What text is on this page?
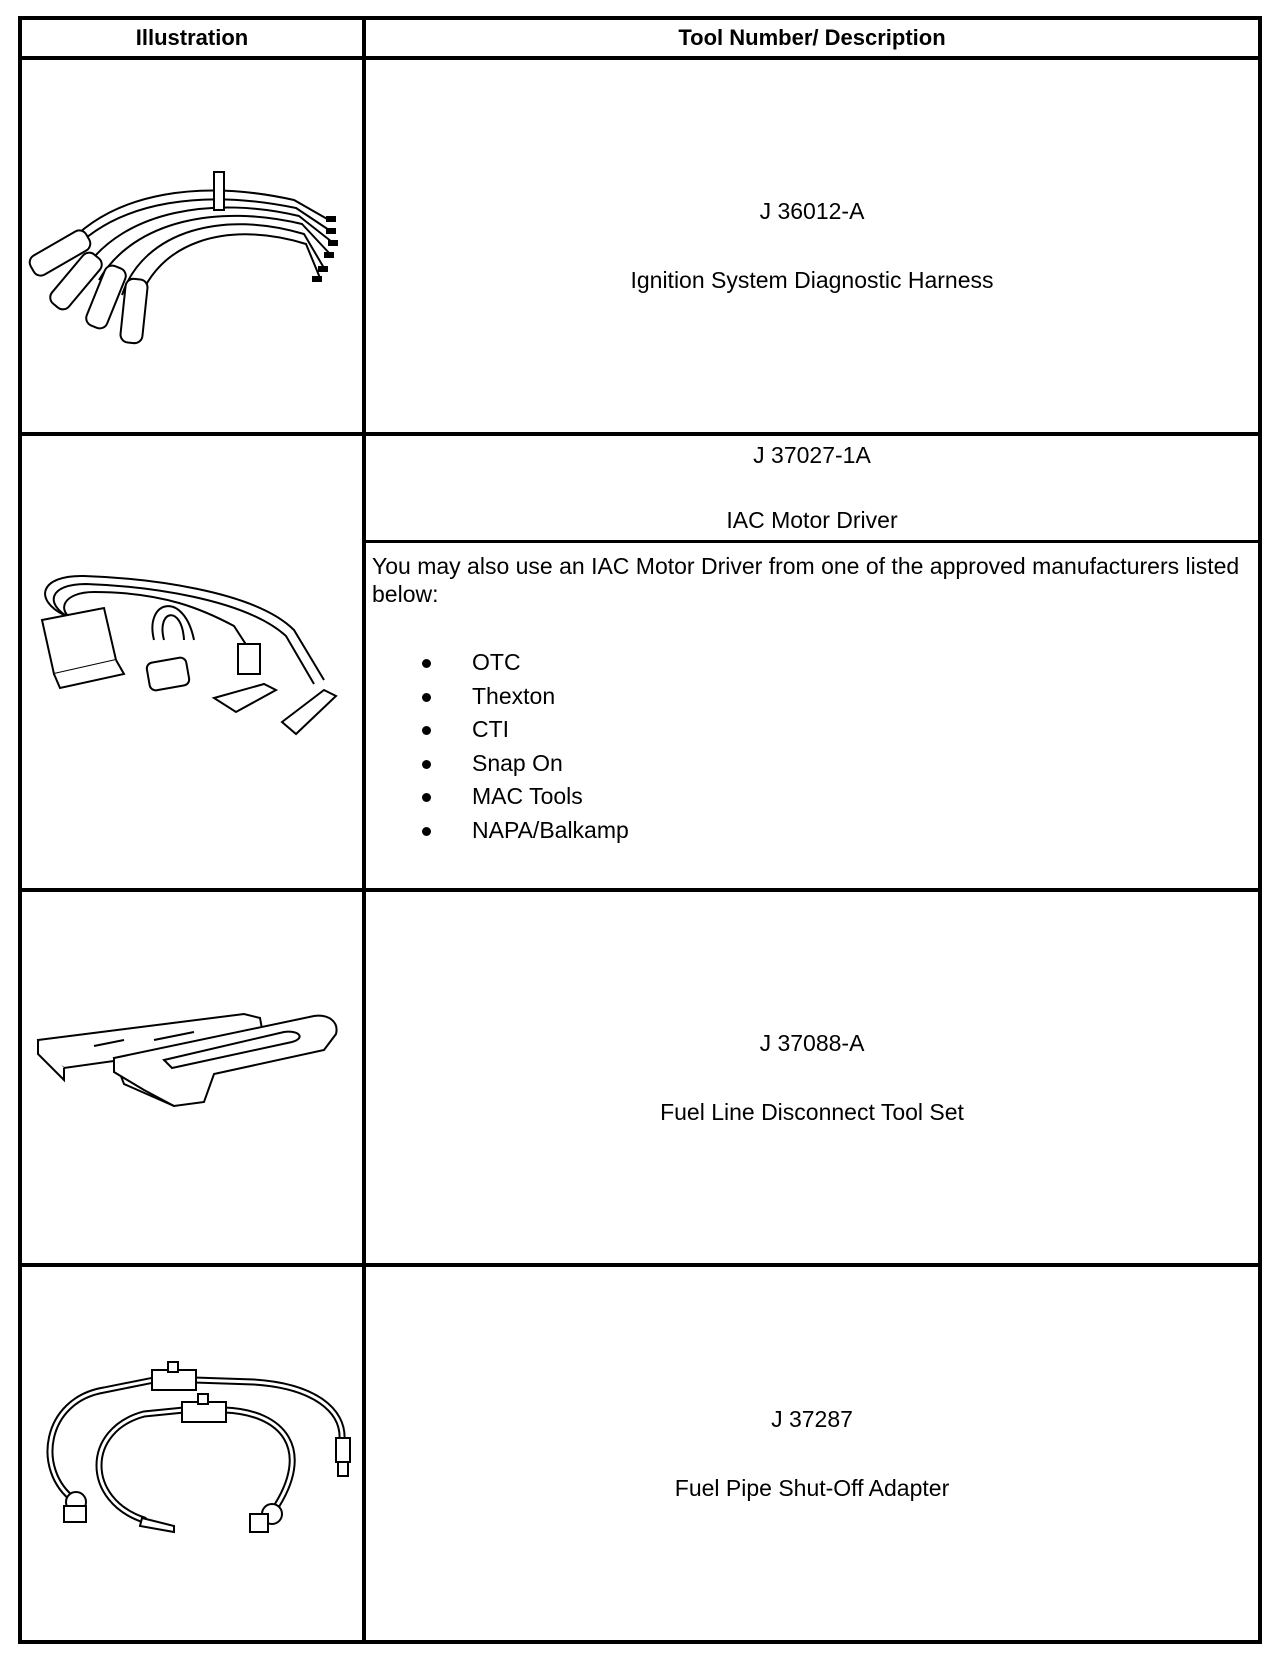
Illustration	Tool Number/ Description
J 36012-A
Ignition System Diagnostic Harness
J 37027-1A
IAC Motor Driver
You may also use an IAC Motor Driver from one of the approved manufacturers listed below:
OTC
Thexton
CTI
Snap On
MAC Tools
NAPA/Balkamp
J 37088-A
Fuel Line Disconnect Tool Set
J 37287
Fuel Pipe Shut-Off Adapter
